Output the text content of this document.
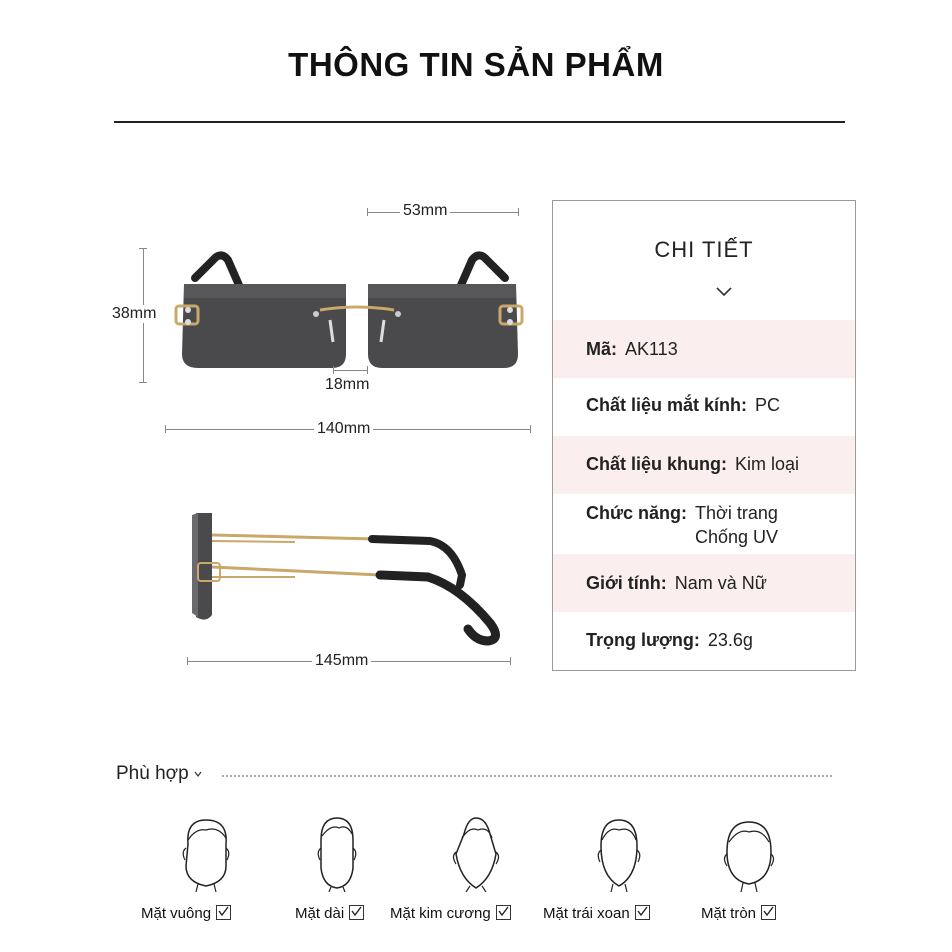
THÔNG TIN SẢN PHẨM
53mm
38mm
18mm
140mm
145mm
CHI TIẾT
Mã: AK113
Chất liệu mắt kính: PC
Chất liệu khung: Kim loại
Chức năng: Thời trang
Chống UV
Giới tính: Nam và Nữ
Trọng lượng: 23.6g
Phù hợp
Mặt vuông	Mặt dài	Mặt kim cương	Mặt trái xoan	Mặt tròn
